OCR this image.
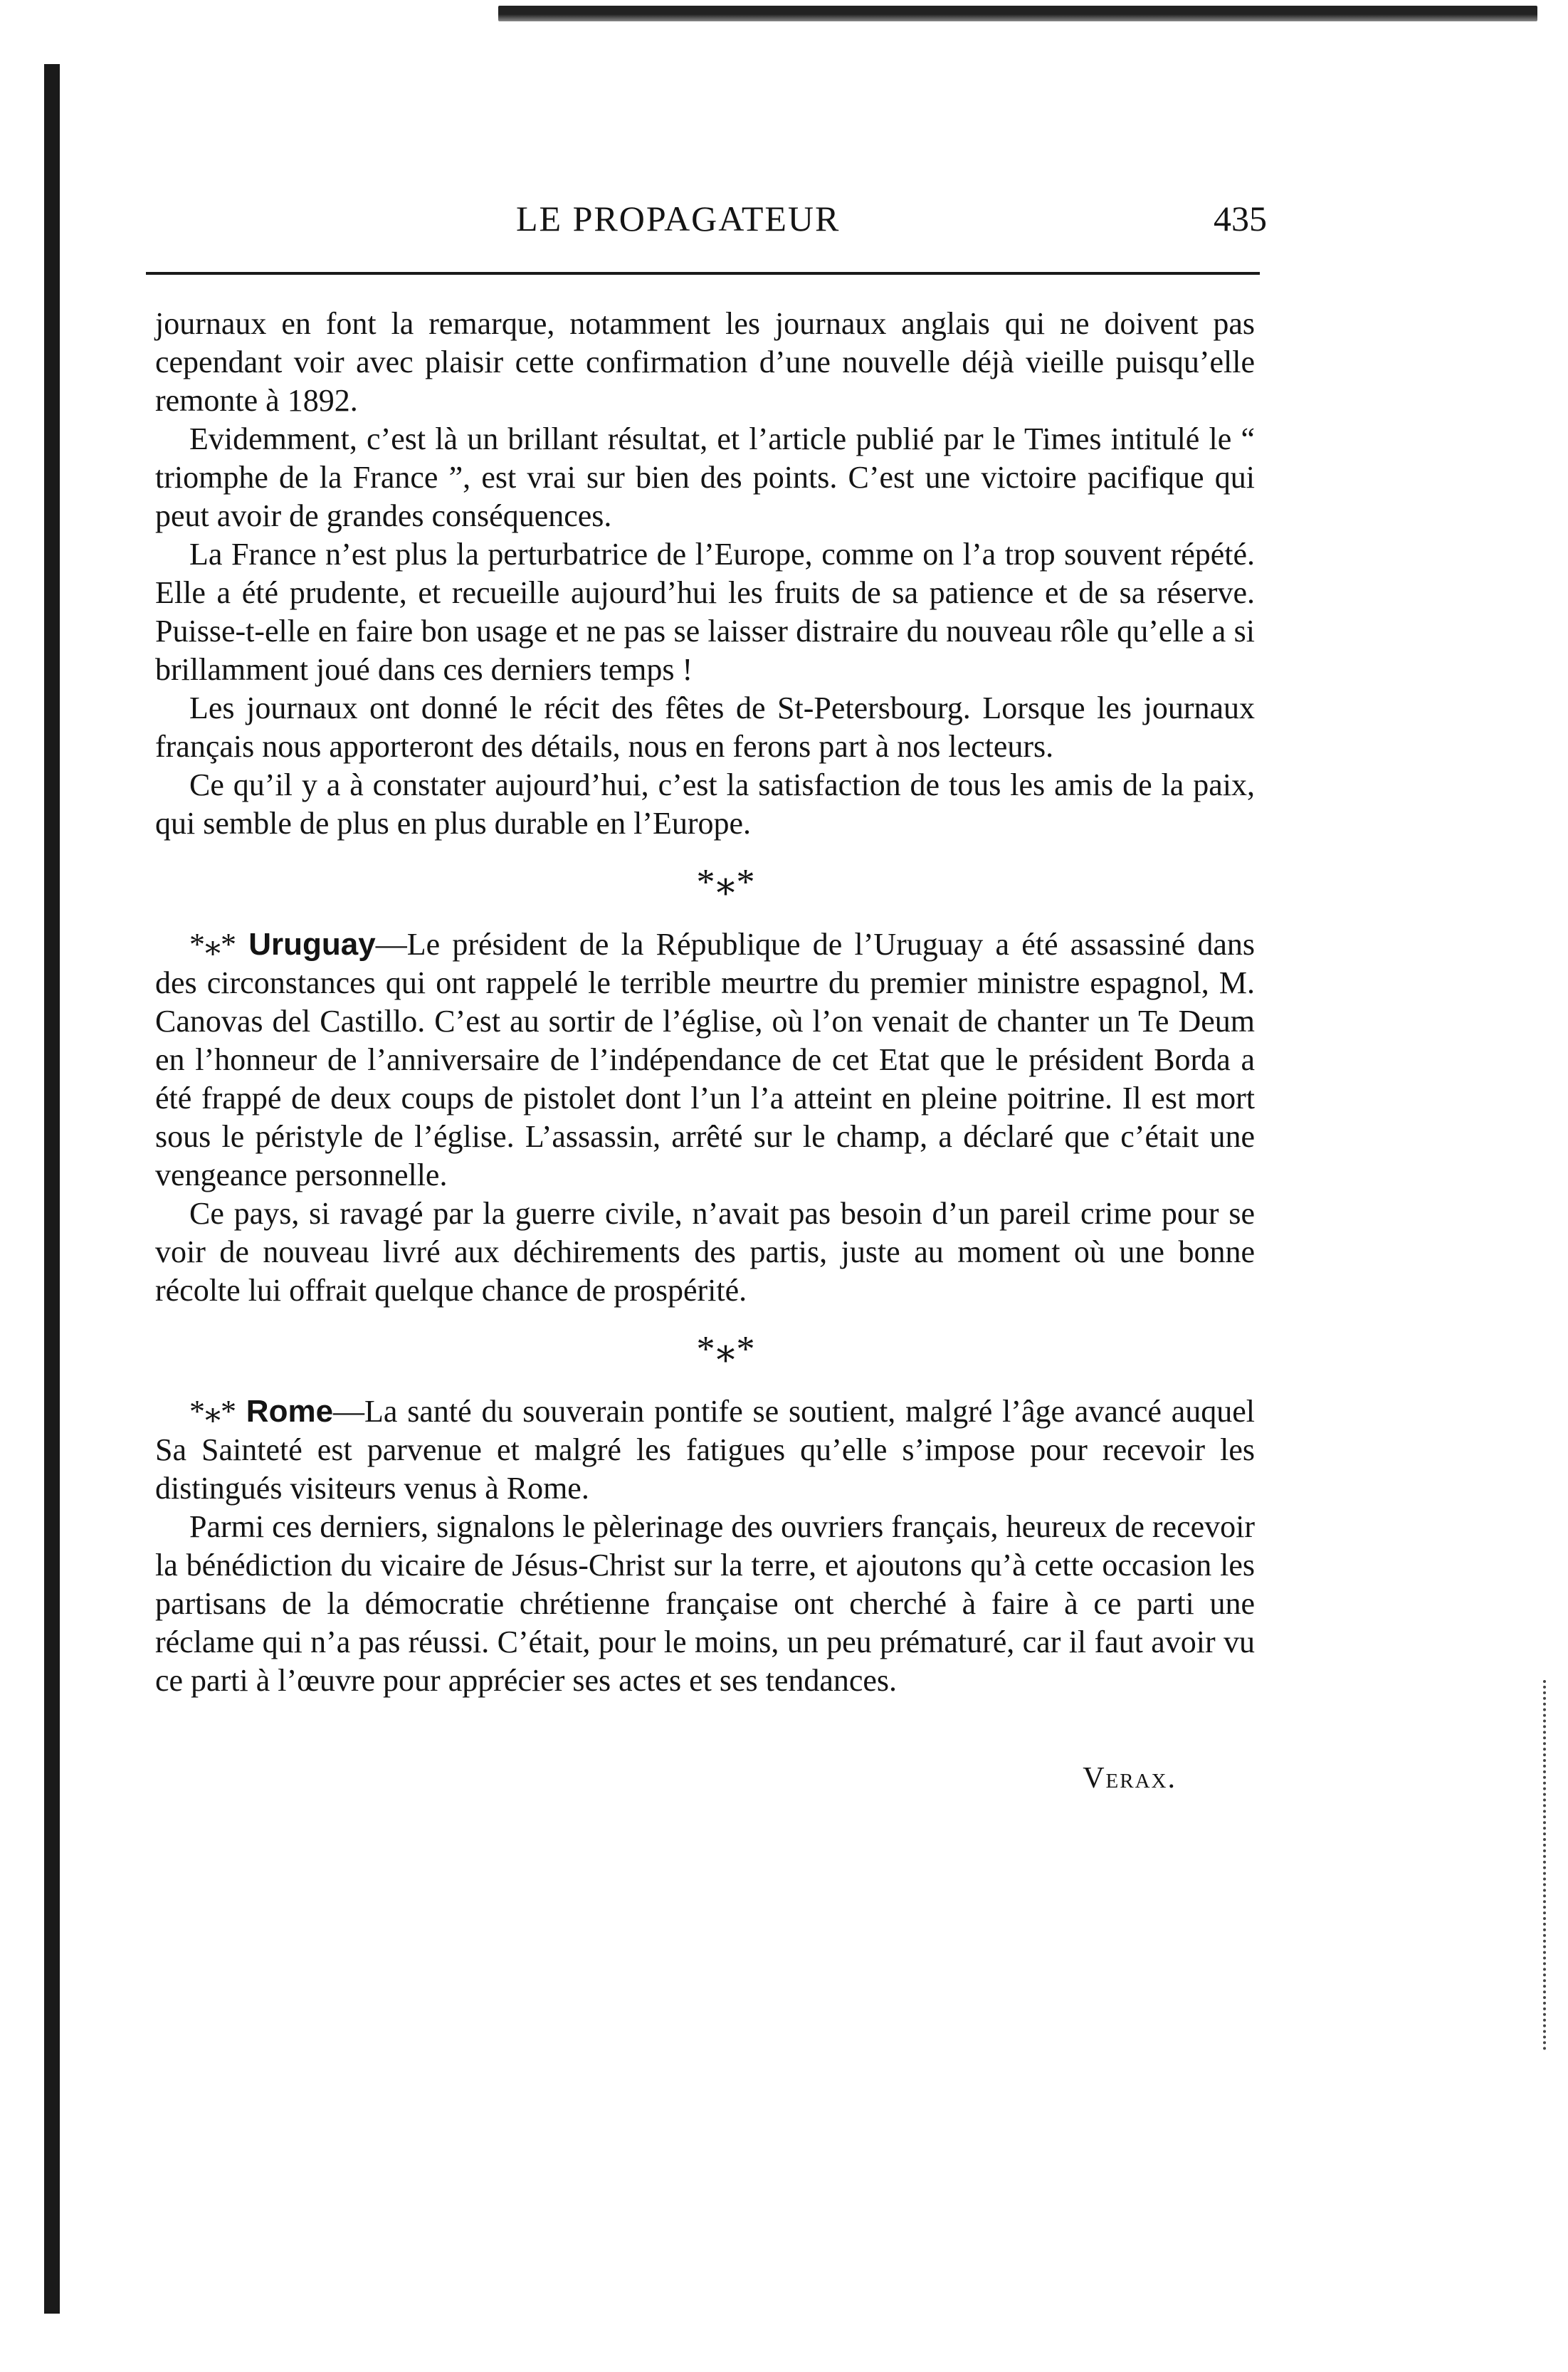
LE PROPAGATEUR	435

journaux en font la remarque, notamment les journaux anglais qui ne doivent pas cependant voir avec plaisir cette confirmation d’une nouvelle déjà vieille puisqu’elle remonte à 1892.

Evidemment, c’est là un brillant résultat, et l’article publié par le Times intitulé le “ triomphe de la France ”, est vrai sur bien des points. C’est une victoire pacifique qui peut avoir de grandes conséquences.

La France n’est plus la perturbatrice de l’Europe, comme on l’a trop souvent répété. Elle a été prudente, et recueille aujourd’hui les fruits de sa patience et de sa réserve. Puisse-t-elle en faire bon usage et ne pas se laisser distraire du nouveau rôle qu’elle a si brillamment joué dans ces derniers temps !

Les journaux ont donné le récit des fêtes de St-Petersbourg. Lorsque les journaux français nous apporteront des détails, nous en ferons part à nos lecteurs.

Ce qu’il y a à constater aujourd’hui, c’est la satisfaction de tous les amis de la paix, qui semble de plus en plus durable en l’Europe.

*⁎*

*⁎* Uruguay—Le président de la République de l’Uruguay a été assassiné dans des circonstances qui ont rappelé le terrible meurtre du premier ministre espagnol, M. Canovas del Castillo. C’est au sortir de l’église, où l’on venait de chanter un Te Deum en l’honneur de l’anniversaire de l’indépendance de cet Etat que le président Borda a été frappé de deux coups de pistolet dont l’un l’a atteint en pleine poitrine. Il est mort sous le péristyle de l’église. L’assassin, arrêté sur le champ, a déclaré que c’était une vengeance personnelle.

Ce pays, si ravagé par la guerre civile, n’avait pas besoin d’un pareil crime pour se voir de nouveau livré aux déchirements des partis, juste au moment où une bonne récolte lui offrait quelque chance de prospérité.

*⁎*

*⁎* Rome—La santé du souverain pontife se soutient, malgré l’âge avancé auquel Sa Sainteté est parvenue et malgré les fatigues qu’elle s’impose pour recevoir les distingués visiteurs venus à Rome.

Parmi ces derniers, signalons le pèlerinage des ouvriers français, heureux de recevoir la bénédiction du vicaire de Jésus-Christ sur la terre, et ajoutons qu’à cette occasion les partisans de la démocratie chrétienne française ont cherché à faire à ce parti une réclame qui n’a pas réussi. C’était, pour le moins, un peu prématuré, car il faut avoir vu ce parti à l’œuvre pour apprécier ses actes et ses tendances.

Verax.
